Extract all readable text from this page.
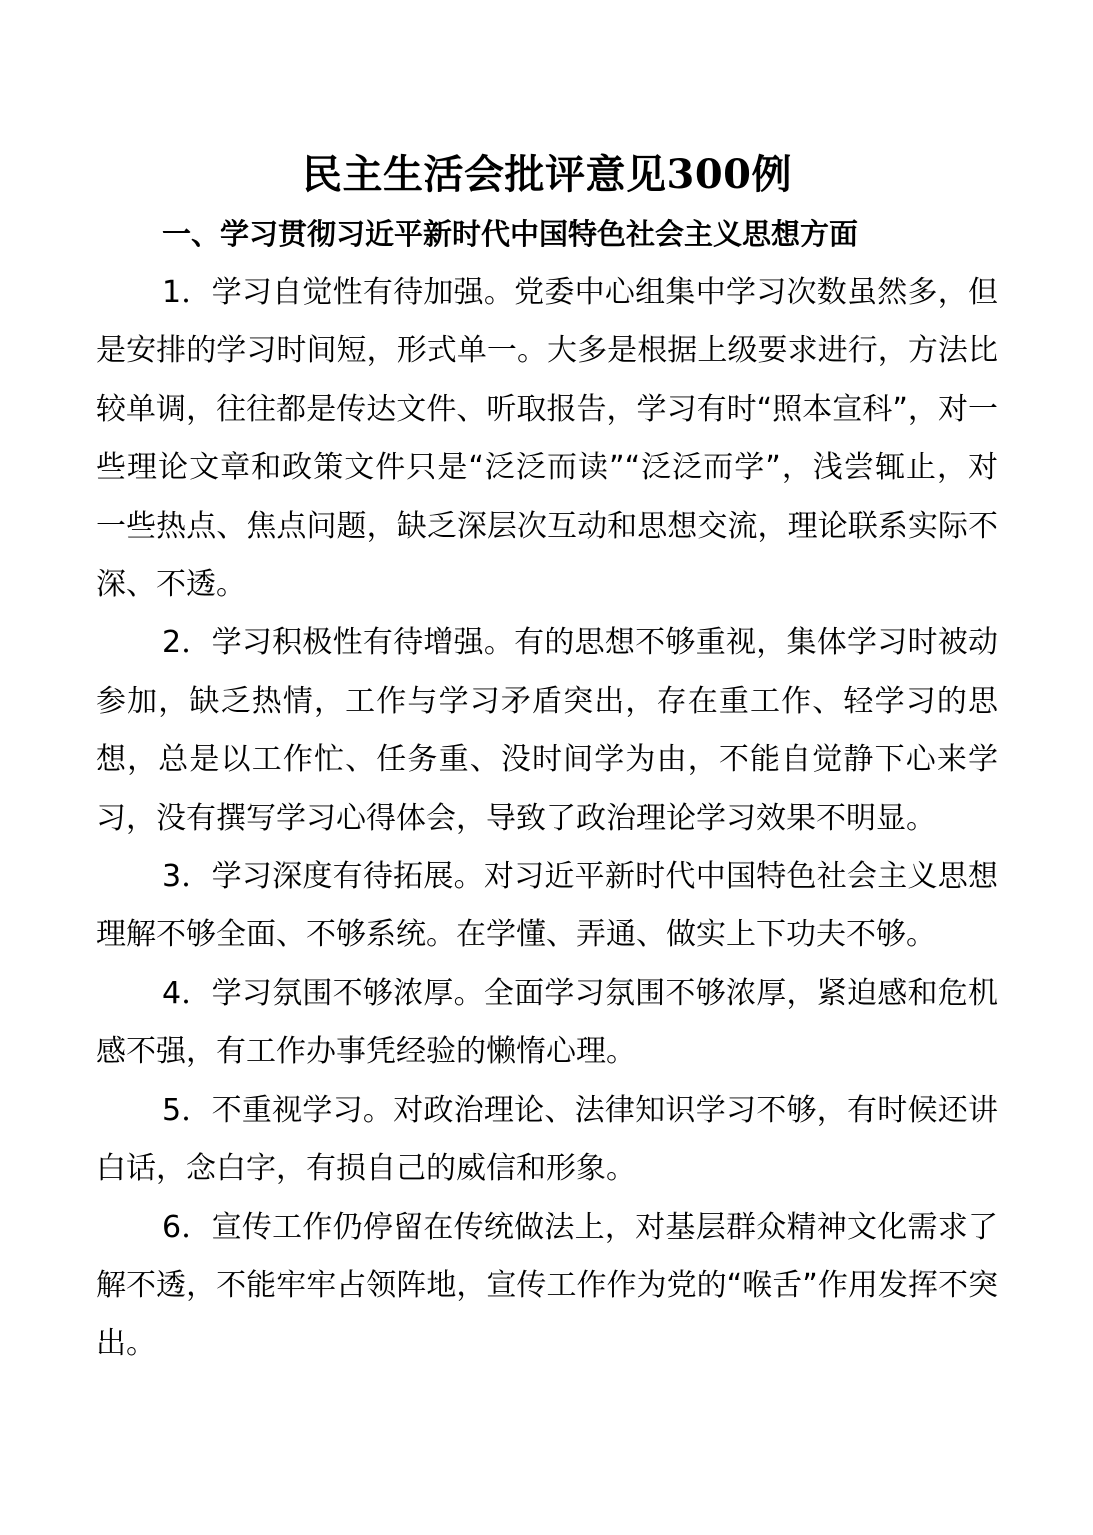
民主生活会批评意见300例
一、学习贯彻习近平新时代中国特色社会主义思想方面

1．学习自觉性有待加强。党委中心组集中学习次数虽然多，但是安排的学习时间短，形式单一。大多是根据上级要求进行，方法比较单调，往往都是传达文件、听取报告，学习有时“照本宣科”，对一些理论文章和政策文件只是“泛泛而读”“泛泛而学”，浅尝辄止，对一些热点、焦点问题，缺乏深层次互动和思想交流，理论联系实际不深、不透。

2．学习积极性有待增强。有的思想不够重视，集体学习时被动参加，缺乏热情，工作与学习矛盾突出，存在重工作、轻学习的思想，总是以工作忙、任务重、没时间学为由，不能自觉静下心来学习，没有撰写学习心得体会，导致了政治理论学习效果不明显。

3．学习深度有待拓展。对习近平新时代中国特色社会主义思想理解不够全面、不够系统。在学懂、弄通、做实上下功夫不够。

4．学习氛围不够浓厚。全面学习氛围不够浓厚，紧迫感和危机感不强，有工作办事凭经验的懒惰心理。

5．不重视学习。对政治理论、法律知识学习不够，有时候还讲白话，念白字，有损自己的威信和形象。

6．宣传工作仍停留在传统做法上，对基层群众精神文化需求了解不透，不能牢牢占领阵地，宣传工作作为党的“喉舌”作用发挥不突出。
